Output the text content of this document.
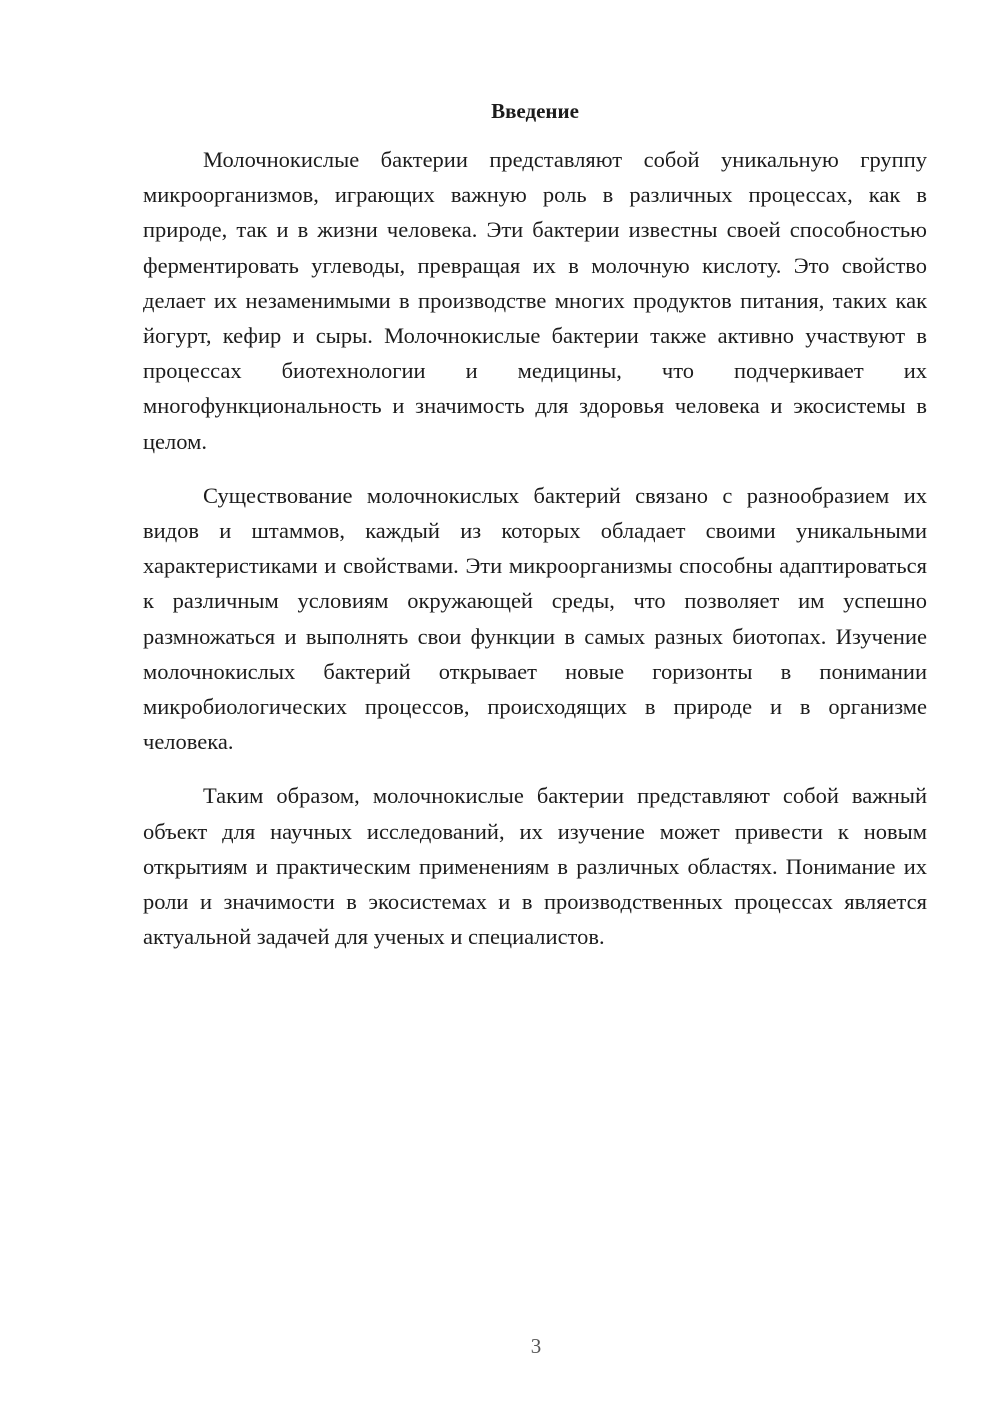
Введение

Молочнокислые бактерии представляют собой уникальную группу микроорганизмов, играющих важную роль в различных процессах, как в природе, так и в жизни человека. Эти бактерии известны своей способностью ферментировать углеводы, превращая их в молочную кислоту. Это свойство делает их незаменимыми в производстве многих продуктов питания, таких как йогурт, кефир и сыры. Молочнокислые бактерии также активно участвуют в процессах биотехнологии и медицины, что подчеркивает их многофункциональность и значимость для здоровья человека и экосистемы в целом.

Существование молочнокислых бактерий связано с разнообразием их видов и штаммов, каждый из которых обладает своими уникальными характеристиками и свойствами. Эти микроорганизмы способны адаптироваться к различным условиям окружающей среды, что позволяет им успешно размножаться и выполнять свои функции в самых разных биотопах. Изучение молочнокислых бактерий открывает новые горизонты в понимании микробиологических процессов, происходящих в природе и в организме человека.

Таким образом, молочнокислые бактерии представляют собой важный объект для научных исследований, их изучение может привести к новым открытиям и практическим применениям в различных областях. Понимание их роли и значимости в экосистемах и в производственных процессах является актуальной задачей для ученых и специалистов.

3
